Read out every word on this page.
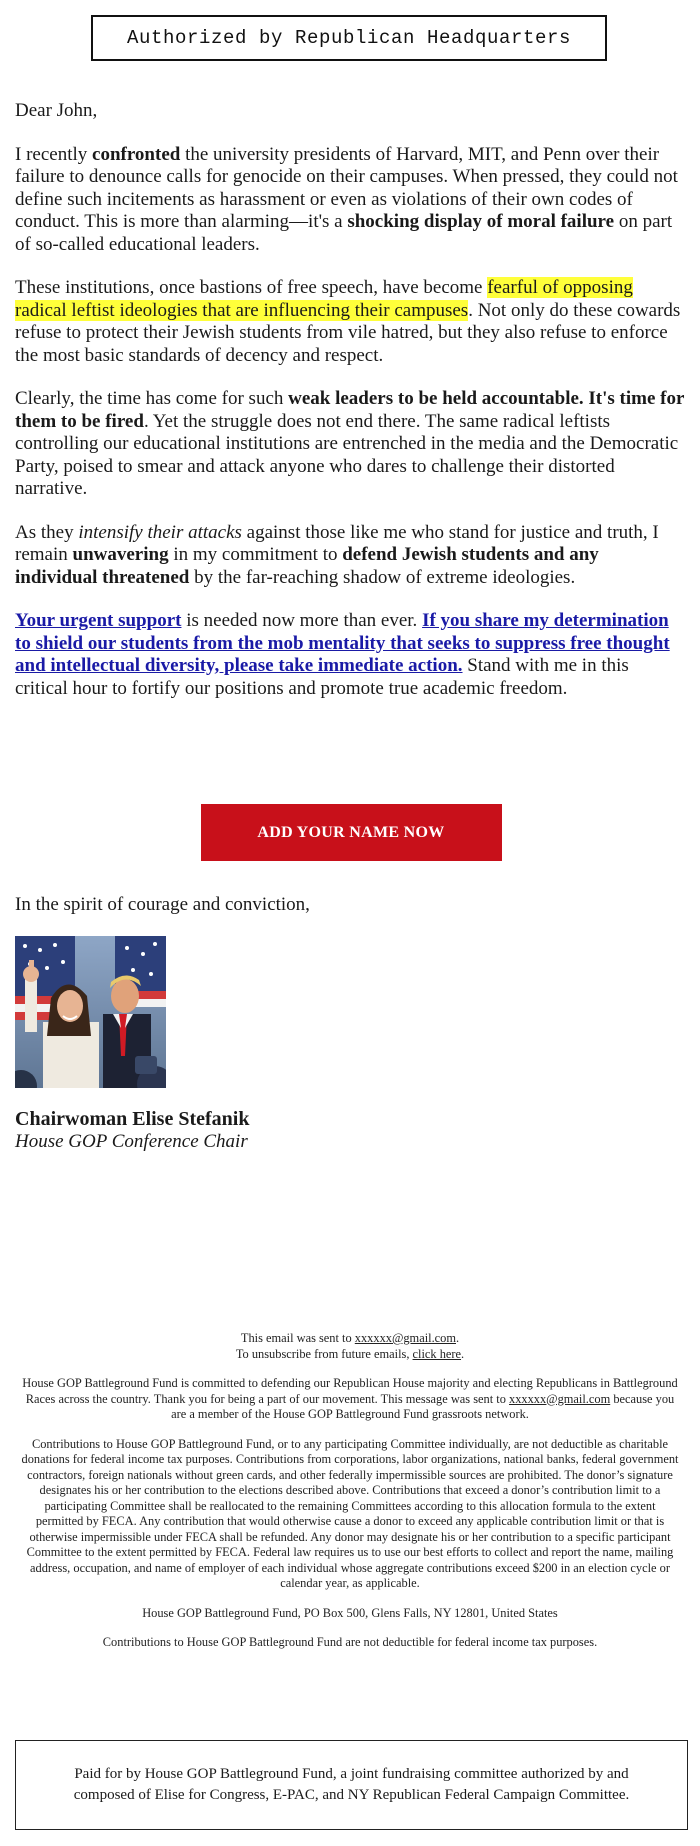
Authorized by Republican Headquarters

Dear John,

I recently confronted the university presidents of Harvard, MIT, and Penn over their failure to denounce calls for genocide on their campuses. When pressed, they could not define such incitements as harassment or even as violations of their own codes of conduct. This is more than alarming—it's a shocking display of moral failure on part of so-called educational leaders.

These institutions, once bastions of free speech, have become fearful of opposing radical leftist ideologies that are influencing their campuses. Not only do these cowards refuse to protect their Jewish students from vile hatred, but they also refuse to enforce the most basic standards of decency and respect.

Clearly, the time has come for such weak leaders to be held accountable. It's time for them to be fired. Yet the struggle does not end there. The same radical leftists controlling our educational institutions are entrenched in the media and the Democratic Party, poised to smear and attack anyone who dares to challenge their distorted narrative.

As they intensify their attacks against those like me who stand for justice and truth, I remain unwavering in my commitment to defend Jewish students and any individual threatened by the far-reaching shadow of extreme ideologies.

Your urgent support is needed now more than ever. If you share my determination to shield our students from the mob mentality that seeks to suppress free thought and intellectual diversity, please take immediate action. Stand with me in this critical hour to fortify our positions and promote true academic freedom.

ADD YOUR NAME NOW
In the spirit of courage and conviction,
Chairwoman Elise Stefanik
House GOP Conference Chair

This email was sent to xxxxxx@gmail.com.
To unsubscribe from future emails, click here.

House GOP Battleground Fund is committed to defending our Republican House majority and electing Republicans in Battleground Races across the country. Thank you for being a part of our movement. This message was sent to xxxxxx@gmail.com because you are a member of the House GOP Battleground Fund grassroots network.

Contributions to House GOP Battleground Fund, or to any participating Committee individually, are not deductible as charitable donations for federal income tax purposes. Contributions from corporations, labor organizations, national banks, federal government contractors, foreign nationals without green cards, and other federally impermissible sources are prohibited. The donor’s signature designates his or her contribution to the elections described above. Contributions that exceed a donor’s contribution limit to a participating Committee shall be reallocated to the remaining Committees according to this allocation formula to the extent permitted by FECA. Any contribution that would otherwise cause a donor to exceed any applicable contribution limit or that is otherwise impermissible under FECA shall be refunded. Any donor may designate his or her contribution to a specific participant Committee to the extent permitted by FECA. Federal law requires us to use our best efforts to collect and report the name, mailing address, occupation, and name of employer of each individual whose aggregate contributions exceed $200 in an election cycle or calendar year, as applicable.

House GOP Battleground Fund, PO Box 500, Glens Falls, NY 12801, United States

Contributions to House GOP Battleground Fund are not deductible for federal income tax purposes.

Paid for by House GOP Battleground Fund, a joint fundraising committee authorized by and composed of Elise for Congress, E-PAC, and NY Republican Federal Campaign Committee.
